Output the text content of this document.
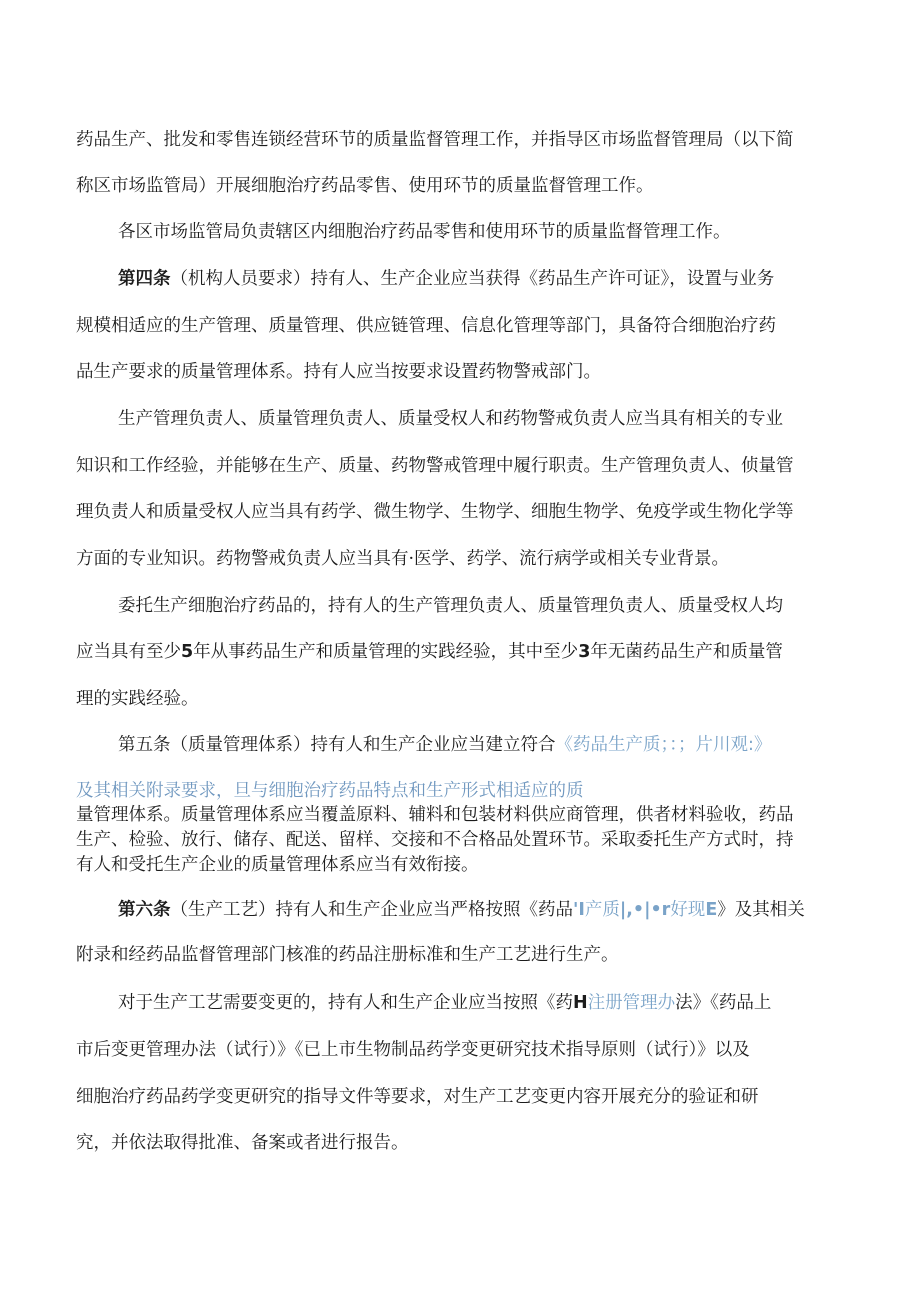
药品生产、批发和零售连锁经营环节的质量监督管理工作，并指导区市场监督管理局（以下简
称区市场监管局）开展细胞治疗药品零售、使用环节的质量监督管理工作。
各区市场监管局负责辖区内细胞治疗药品零售和使用环节的质量监督管理工作。
第四条（机构人员要求）持有人、生产企业应当获得《药品生产许可证》，设置与业务
规模相适应的生产管理、质量管理、供应链管理、信息化管理等部门，具备符合细胞治疗药
品生产要求的质量管理体系。持有人应当按要求设置药物警戒部门。
生产管理负责人、质量管理负责人、质量受权人和药物警戒负责人应当具有相关的专业
知识和工作经验，并能够在生产、质量、药物警戒管理中履行职责。生产管理负责人、侦量管
理负责人和质量受权人应当具有药学、微生物学、生物学、细胞生物学、免疫学或生物化学等
方面的专业知识。药物警戒负责人应当具有·医学、药学、流行病学或相关专业背景。
委托生产细胞治疗药品的，持有人的生产管理负责人、质量管理负责人、质量受权人均
应当具有至少5年从事药品生产和质量管理的实践经验，其中至少3年无菌药品生产和质量管
理的实践经验。
第五条（质量管理体系）持有人和生产企业应当建立符合《药品生产质；：；片川观:》
及其相关附录要求，旦与细胞治疗药品特点和生产形式相适应的质
量管理体系。质量管理体系应当覆盖原料、辅料和包装材料供应商管理，供者材料验收，药品
生产、检验、放行、储存、配送、留样、交接和不合格品处置环节。采取委托生产方式时，持
有人和受托生产企业的质量管理体系应当有效衔接。
第六条（生产工艺）持有人和生产企业应当严格按照《药品'I产质|,•|•r好现E》及其相关
附录和经药品监督管理部门核准的药品注册标准和生产工艺进行生产。
对于生产工艺需要变更的，持有人和生产企业应当按照《药H注册管理办法》《药品上
市后变更管理办法（试行）》《已上市生物制品药学变更研究技术指导原则（试行）》以及
细胞治疗药品药学变更研究的指导文件等要求，对生产工艺变更内容开展充分的验证和研
究，并依法取得批准、备案或者进行报告。
